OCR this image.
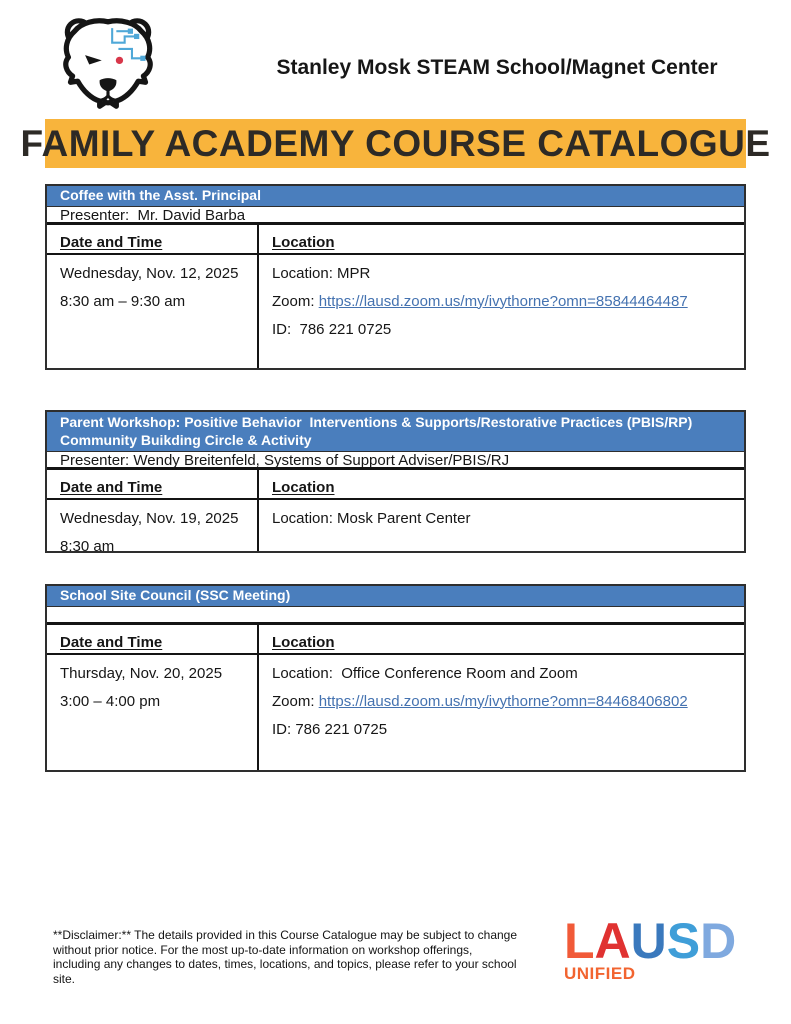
Stanley Mosk STEAM School/Magnet Center
FAMILY ACADEMY COURSE CATALOGUE
Coffee with the Asst. Principal
Presenter:  Mr. David Barba
Date and Time	Location
Wednesday, Nov. 12, 2025
8:30 am – 9:30 am
Location: MPR
Zoom: https://lausd.zoom.us/my/ivythorne?omn=85844464487
ID:  786 221 0725
Parent Workshop: Positive Behavior  Interventions & Supports/Restorative Practices (PBIS/RP)  Community Buikding Circle & Activity
Presenter: Wendy Breitenfeld, Systems of Support Adviser/PBIS/RJ
Date and Time	Location
Wednesday, Nov. 19, 2025
8:30 am
Location: Mosk Parent Center
School Site Council (SSC Meeting)
Date and Time	Location
Thursday, Nov. 20, 2025
3:00 – 4:00 pm
Location:  Office Conference Room and Zoom
Zoom: https://lausd.zoom.us/my/ivythorne?omn=84468406802
ID: 786 221 0725
**Disclaimer:** The details provided in this Course Catalogue may be subject to change without prior notice. For the most up-to-date information on workshop offerings, including any changes to dates, times, locations, and topics, please refer to your school site.
LAUSD
UNIFIED
